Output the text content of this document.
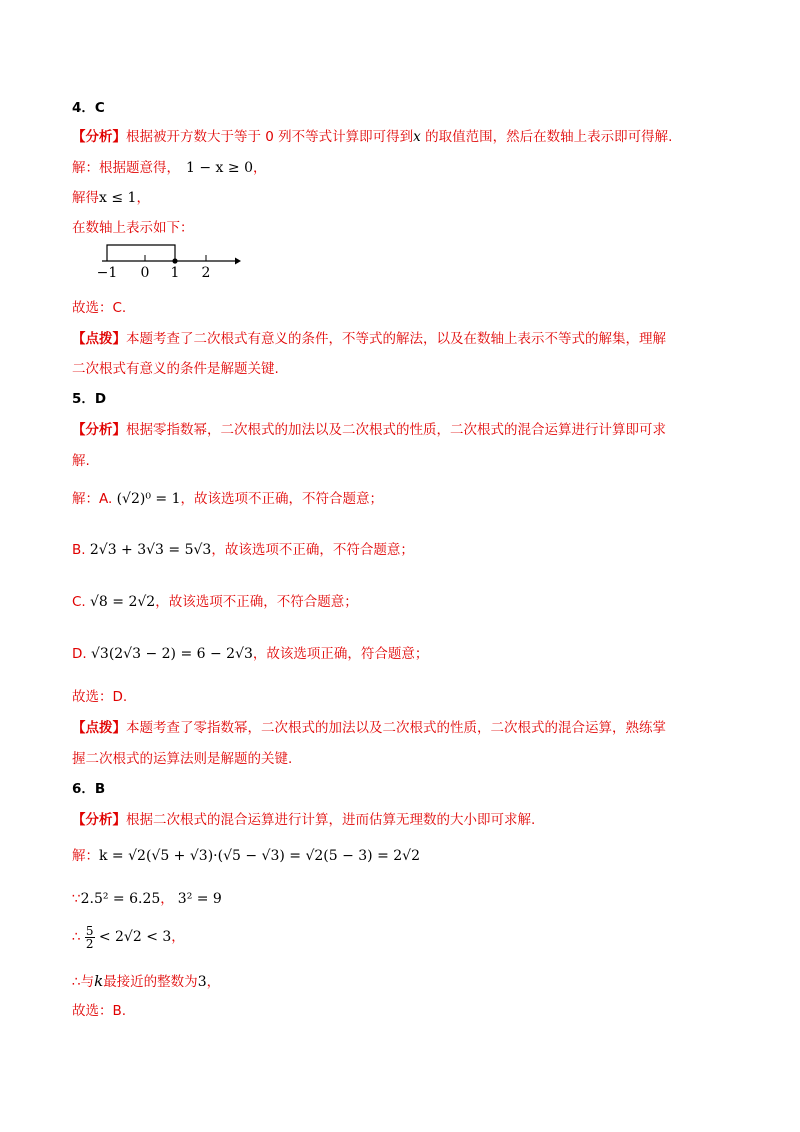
4．C
【分析】根据被开方数大于等于 0 列不等式计算即可得到x 的取值范围，然后在数轴上表示即可得解.
解：根据题意得， 1 − x ≥ 0，
解得x ≤ 1，
在数轴上表示如下：
−1 0 1 2
故选：C.
【点拨】本题考查了二次根式有意义的条件，不等式的解法，以及在数轴上表示不等式的解集，理解
二次根式有意义的条件是解题关键.
5．D
【分析】根据零指数幂，二次根式的加法以及二次根式的性质，二次根式的混合运算进行计算即可求
解.
解：A. (√2)⁰ = 1，故该选项不正确，不符合题意；
B. 2√3 + 3√3 = 5√3，故该选项不正确，不符合题意；
C. √8 = 2√2，故该选项不正确，不符合题意；
D. √3(2√3 − 2) = 6 − 2√3，故该选项正确，符合题意；
故选：D.
【点拨】本题考查了零指数幂，二次根式的加法以及二次根式的性质，二次根式的混合运算，熟练掌
握二次根式的运算法则是解题的关键.
6．B
【分析】根据二次根式的混合运算进行计算，进而估算无理数的大小即可求解.
解：k = √2(√5 + √3)·(√5 − √3) = √2(5 − 3) = 2√2
∵2.5² = 6.25， 3² = 9
∴ $\frac{5}{2} < 2√2 < 3$，
∴与k最接近的整数为3，
故选：B.
